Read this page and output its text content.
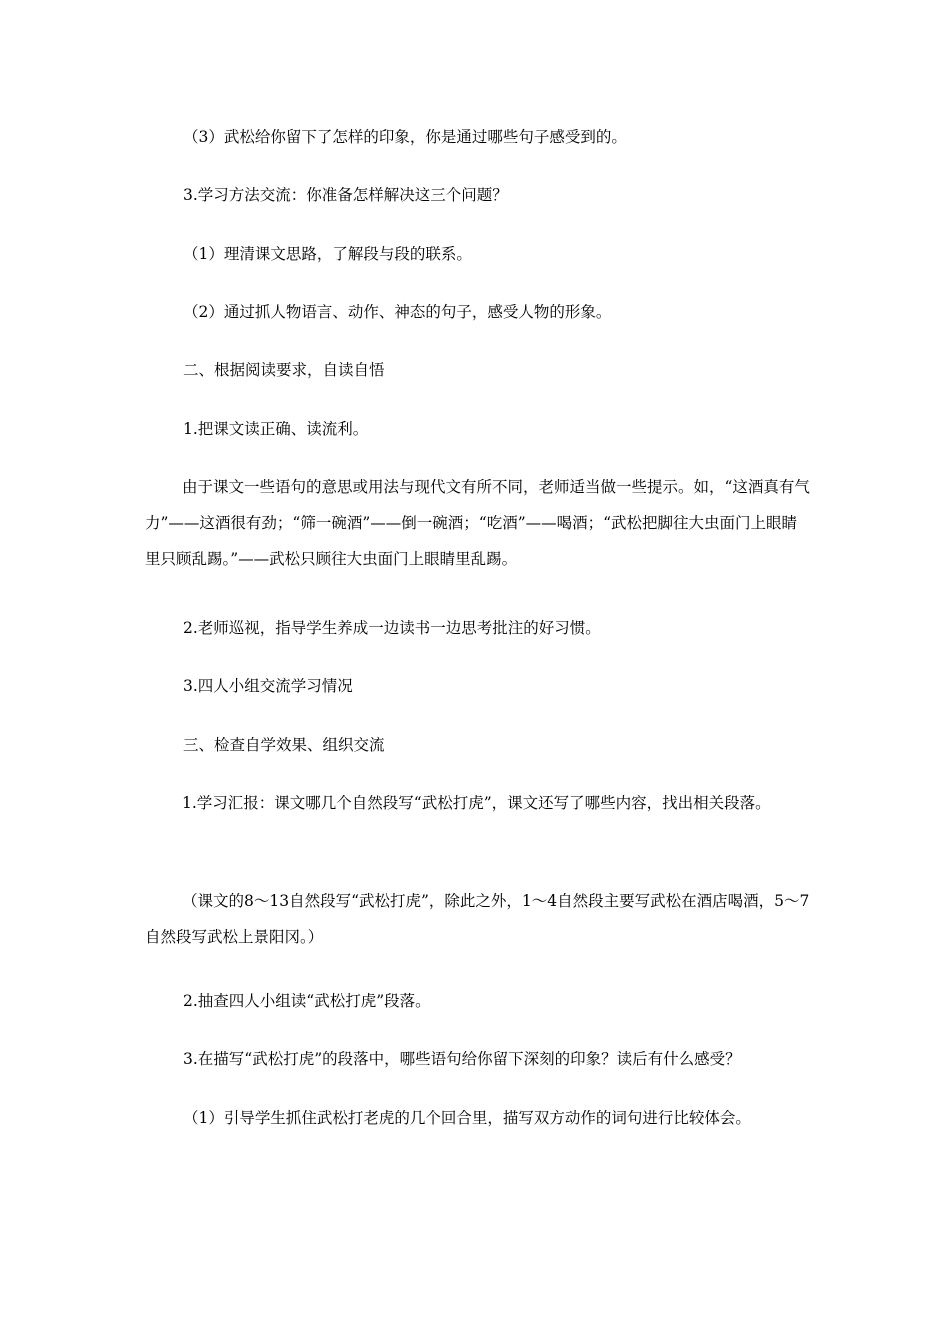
（3）武松给你留下了怎样的印象，你是通过哪些句子感受到的。

3.学习方法交流：你准备怎样解决这三个问题？

（1）理清课文思路，了解段与段的联系。

（2）通过抓人物语言、动作、神态的句子，感受人物的形象。

二、根据阅读要求，自读自悟

1.把课文读正确、读流利。

由于课文一些语句的意思或用法与现代文有所不同，老师适当做一些提示。如，“这酒真有气力”——这酒很有劲；“筛一碗酒”——倒一碗酒；“吃酒”——喝酒；“武松把脚往大虫面门上眼睛里只顾乱踢。”——武松只顾往大虫面门上眼睛里乱踢。

2.老师巡视，指导学生养成一边读书一边思考批注的好习惯。

3.四人小组交流学习情况

三、检查自学效果、组织交流

1.学习汇报：课文哪几个自然段写“武松打虎”，课文还写了哪些内容，找出相关段落。

（课文的8～13自然段写“武松打虎”，除此之外，1～4自然段主要写武松在酒店喝酒，5～7自然段写武松上景阳冈。）

2.抽查四人小组读“武松打虎”段落。

3.在描写“武松打虎”的段落中，哪些语句给你留下深刻的印象？读后有什么感受？

（1）引导学生抓住武松打老虎的几个回合里，描写双方动作的词句进行比较体会。
